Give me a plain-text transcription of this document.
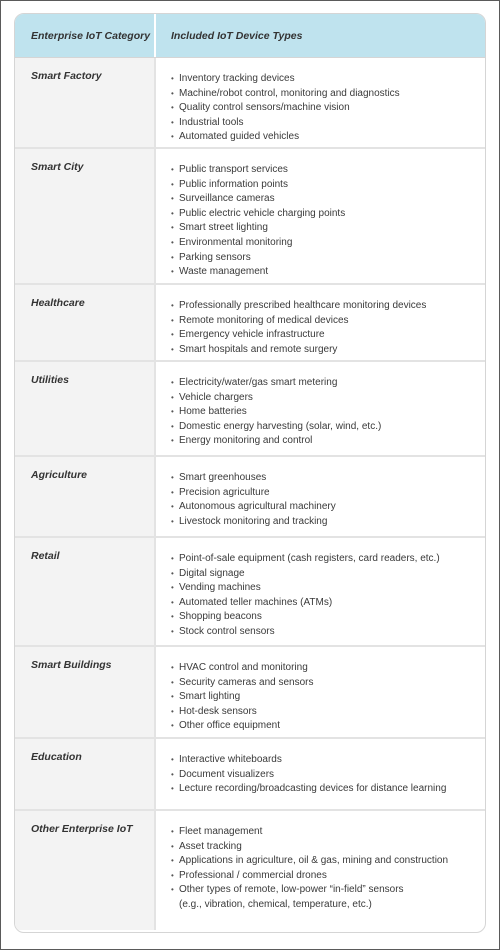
Enterprise IoT Category	Included IoT Device Types
Smart Factory	• Inventory tracking devices
• Machine/robot control, monitoring and diagnostics
• Quality control sensors/machine vision
• Industrial tools
• Automated guided vehicles
Smart City	• Public transport services
• Public information points
• Surveillance cameras
• Public electric vehicle charging points
• Smart street lighting
• Environmental monitoring
• Parking sensors
• Waste management
Healthcare	• Professionally prescribed healthcare monitoring devices
• Remote monitoring of medical devices
• Emergency vehicle infrastructure
• Smart hospitals and remote surgery
Utilities	• Electricity/water/gas smart metering
• Vehicle chargers
• Home batteries
• Domestic energy harvesting (solar, wind, etc.)
• Energy monitoring and control
Agriculture	• Smart greenhouses
• Precision agriculture
• Autonomous agricultural machinery
• Livestock monitoring and tracking
Retail	• Point-of-sale equipment (cash registers, card readers, etc.)
• Digital signage
• Vending machines
• Automated teller machines (ATMs)
• Shopping beacons
• Stock control sensors
Smart Buildings	• HVAC control and monitoring
• Security cameras and sensors
• Smart lighting
• Hot-desk sensors
• Other office equipment
Education	• Interactive whiteboards
• Document visualizers
• Lecture recording/broadcasting devices for distance learning
Other Enterprise IoT	• Fleet management
• Asset tracking
• Applications in agriculture, oil & gas, mining and construction
• Professional / commercial drones
• Other types of remote, low-power “in-field” sensors
(e.g., vibration, chemical, temperature, etc.)
